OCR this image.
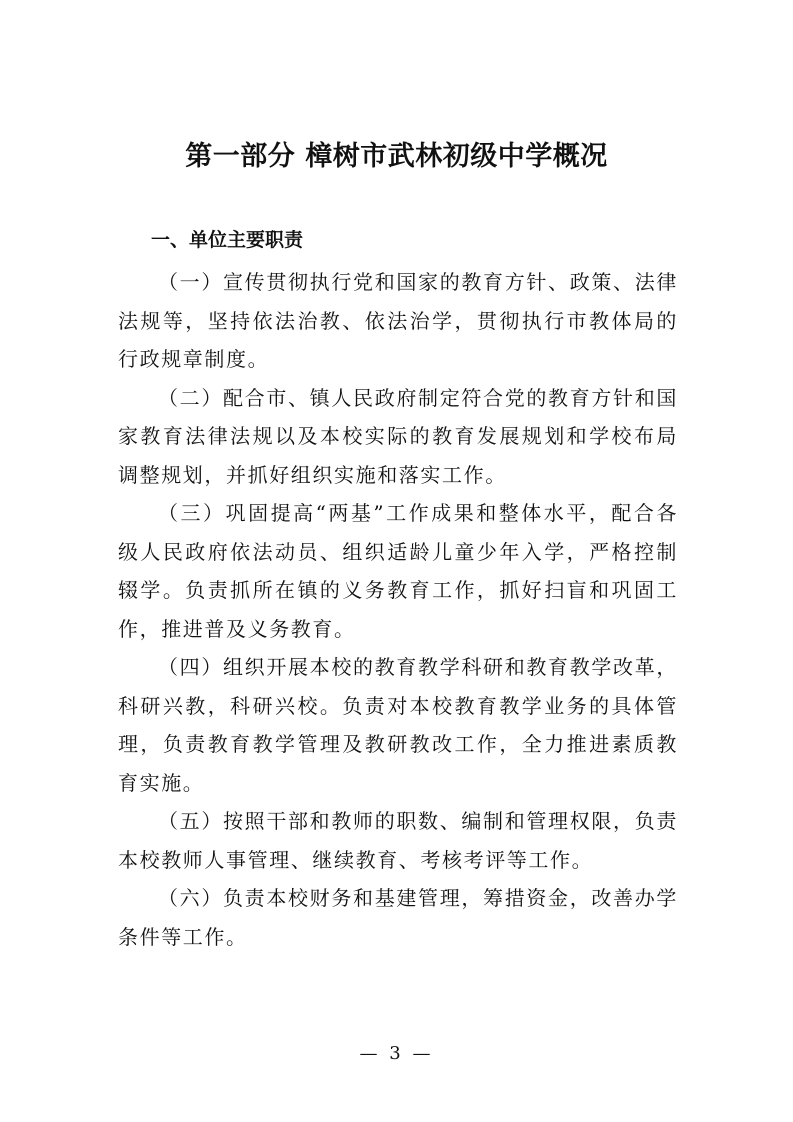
第一部分 樟树市武林初级中学概况
一、单位主要职责

（一）宣传贯彻执行党和国家的教育方针、政策、法律法规等，坚持依法治教、依法治学，贯彻执行市教体局的行政规章制度。

（二）配合市、镇人民政府制定符合党的教育方针和国家教育法律法规以及本校实际的教育发展规划和学校布局调整规划，并抓好组织实施和落实工作。

（三）巩固提高“两基”工作成果和整体水平，配合各级人民政府依法动员、组织适龄儿童少年入学，严格控制辍学。负责抓所在镇的义务教育工作，抓好扫盲和巩固工作，推进普及义务教育。

（四）组织开展本校的教育教学科研和教育教学改革，科研兴教，科研兴校。负责对本校教育教学业务的具体管理，负责教育教学管理及教研教改工作，全力推进素质教育实施。

（五）按照干部和教师的职数、编制和管理权限，负责本校教师人事管理、继续教育、考核考评等工作。

（六）负责本校财务和基建管理，筹措资金，改善办学条件等工作。

— 3 —
